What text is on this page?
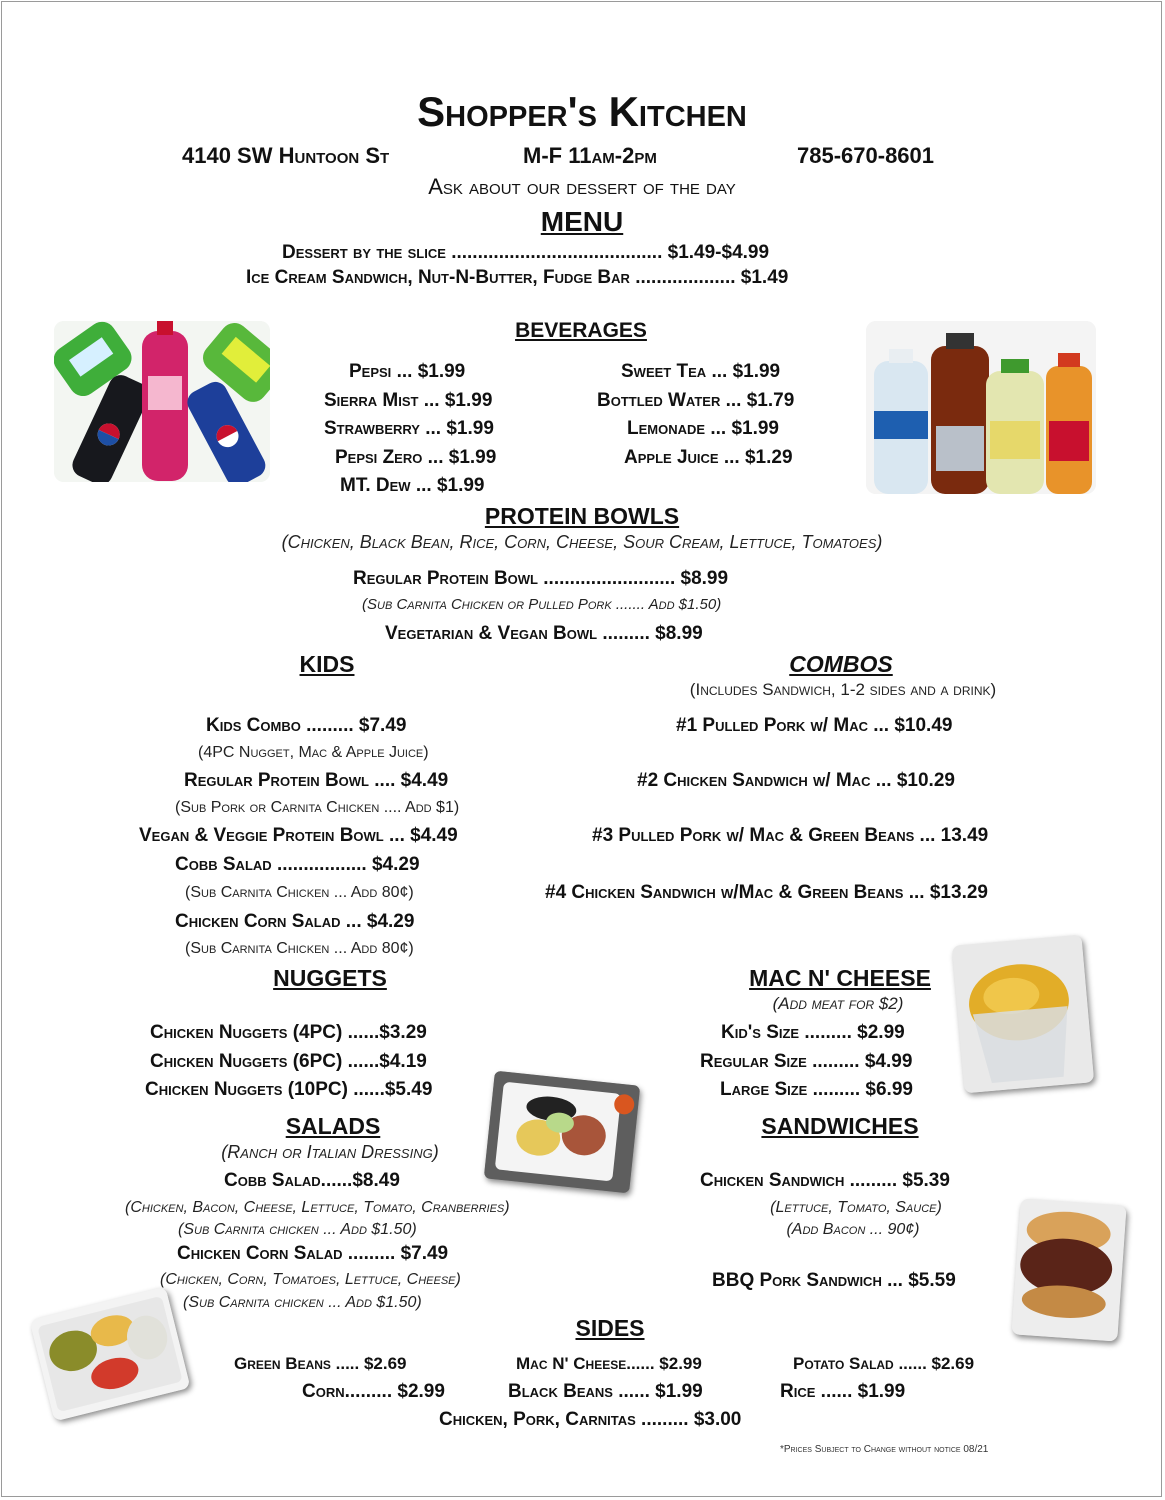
Shopper's Kitchen
4140 SW Huntoon St	M-F 11am-2pm	785-670-8601
Ask about our dessert of the day
MENU
Dessert by the slice ........................................ $1.49-$4.99
Ice Cream Sandwich, Nut-N-Butter, Fudge Bar ................... $1.49
BEVERAGES
Pepsi ... $1.99
Sierra Mist ... $1.99
Strawberry ... $1.99
Pepsi Zero ... $1.99
MT. Dew ... $1.99
Sweet Tea ... $1.99
Bottled Water ... $1.79
Lemonade ... $1.99
Apple Juice ... $1.29
PROTEIN BOWLS
(Chicken, Black Bean, Rice, Corn, Cheese, Sour Cream, Lettuce, Tomatoes)
Regular Protein Bowl ......................... $8.99
(Sub Carnita Chicken or Pulled Pork ....... Add $1.50)
Vegetarian & Vegan Bowl ......... $8.99
KIDS
Kids Combo ......... $7.49
(4PC Nugget, Mac & Apple Juice)
Regular Protein Bowl .... $4.49
(Sub Pork or Carnita Chicken .... Add $1)
Vegan & Veggie Protein Bowl ... $4.49
Cobb Salad ................. $4.29
(Sub Carnita Chicken ... Add 80¢)
Chicken Corn Salad ... $4.29
(Sub Carnita Chicken ... Add 80¢)
COMBOS
(Includes Sandwich, 1-2 sides and a drink)
#1 Pulled Pork w/ Mac ... $10.49
#2 Chicken Sandwich w/ Mac ... $10.29
#3 Pulled Pork w/ Mac & Green Beans ... 13.49
#4 Chicken Sandwich w/Mac & Green Beans ... $13.29
NUGGETS
Chicken Nuggets (4PC) ......$3.29
Chicken Nuggets (6PC) ......$4.19
Chicken Nuggets (10PC) ......$5.49
MAC N' CHEESE
(Add meat for $2)
Kid's Size ......... $2.99
Regular Size ......... $4.99
Large Size ......... $6.99
SALADS
(Ranch or Italian Dressing)
Cobb Salad......$8.49
(Chicken, Bacon, Cheese, Lettuce, Tomato, Cranberries)
(Sub Carnita chicken ... Add $1.50)
Chicken Corn Salad ......... $7.49
(Chicken, Corn, Tomatoes, Lettuce, Cheese)
(Sub Carnita chicken ... Add $1.50)
SANDWICHES
Chicken Sandwich ......... $5.39
(Lettuce, Tomato, Sauce)
(Add Bacon ... 90¢)
BBQ Pork Sandwich ... $5.59
SIDES
Green Beans ..... $2.69	Mac N' Cheese...... $2.99	Potato Salad ...... $2.69
Corn......... $2.99	Black Beans ...... $1.99	Rice ...... $1.99
Chicken, Pork, Carnitas ......... $3.00
*Prices Subject to Change without notice 08/21
